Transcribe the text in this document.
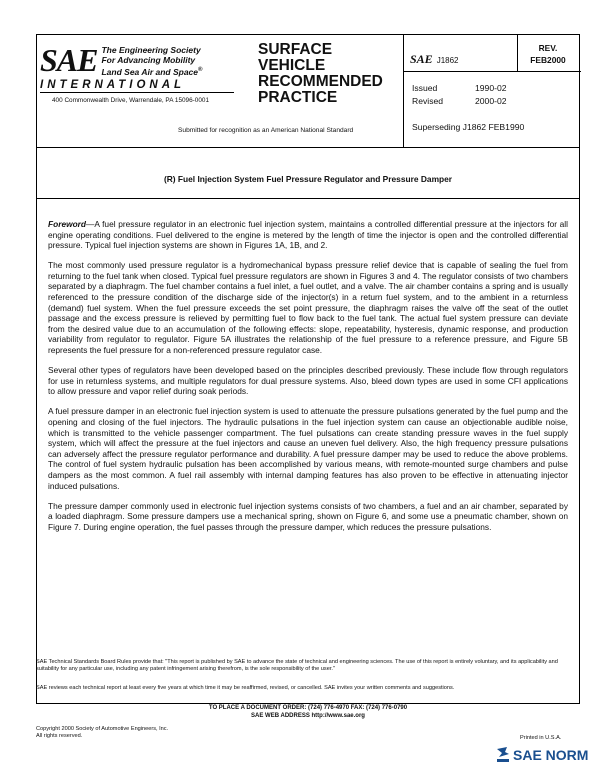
SAE The Engineering Society
For Advancing Mobility
Land Sea Air and Space®
INTERNATIONAL
400 Commonwealth Drive, Warrendale, PA 15096-0001
SURFACE
VEHICLE
RECOMMENDED
PRACTICE
Submitted for recognition as an American National Standard
SAE J1862
REV.
FEB2000
Issued	1990-02
Revised	2000-02
Superseding J1862 FEB1990
(R) Fuel Injection System Fuel Pressure Regulator and Pressure Damper

Foreword—A fuel pressure regulator in an electronic fuel injection system, maintains a controlled differential pressure at the injectors for all engine operating conditions. Fuel delivered to the engine is metered by the length of time the injector is open and the controlled differential pressure. Typical fuel injection systems are shown in Figures 1A, 1B, and 2.

The most commonly used pressure regulator is a hydromechanical bypass pressure relief device that is capable of sealing the fuel from returning to the fuel tank when closed. Typical fuel pressure regulators are shown in Figures 3 and 4. The regulator consists of two chambers separated by a diaphragm. The fuel chamber contains a fuel inlet, a fuel outlet, and a valve. The air chamber contains a spring and is usually referenced to the pressure condition of the discharge side of the injector(s) in a return fuel system, and to the ambient in a returnless (demand) fuel system. When the fuel pressure exceeds the set point pressure, the diaphragm raises the valve off the seat of the outlet passage and the excess pressure is relieved by permitting fuel to flow back to the fuel tank. The actual fuel system pressure can deviate from the desired value due to an accumulation of the following effects: slope, repeatability, hysteresis, dynamic response, and production variability from regulator to regulator. Figure 5A illustrates the relationship of the fuel pressure to a reference pressure, and Figure 5B represents the fuel pressure for a non-referenced pressure regulator case.

Several other types of regulators have been developed based on the principles described previously. These include flow through regulators for use in returnless systems, and multiple regulators for dual pressure systems. Also, bleed down types are used in some CFI applications to allow pressure and vapor relief during soak periods.

A fuel pressure damper in an electronic fuel injection system is used to attenuate the pressure pulsations generated by the fuel pump and the opening and closing of the fuel injectors. The hydraulic pulsations in the fuel injection system can cause an objectionable audible noise, which is transmitted to the vehicle passenger compartment. The fuel pulsations can create standing pressure waves in the fuel supply system, which will affect the pressure at the fuel injectors and cause an uneven fuel delivery. Also, the high frequency pressure pulsations can adversely affect the pressure regulator performance and durability. A fuel pressure damper may be used to reduce the above problems. The control of fuel system hydraulic pulsation has been accomplished by various means, with remote-mounted surge chambers and pulse dampers as the most common. A fuel rail assembly with internal damping features has also proven to be effective in attenuating injector induced pulsations.

The pressure damper commonly used in electronic fuel injection systems consists of two chambers, a fuel and an air chamber, separated by a loaded diaphragm. Some pressure dampers use a mechanical spring, shown on Figure 6, and some use a pneumatic chamber, shown on Figure 7. During engine operation, the fuel passes through the pressure damper, which reduces the pressure pulsations.

SAE Technical Standards Board Rules provide that: "This report is published by SAE to advance the state of technical and engineering sciences. The use of this report is entirely voluntary, and its applicability and suitability for any particular use, including any patent infringement arising therefrom, is the sole responsibility of the user."
SAE reviews each technical report at least every five years at which time it may be reaffirmed, revised, or cancelled. SAE invites your written comments and suggestions.
TO PLACE A DOCUMENT ORDER: (724) 776-4970 FAX: (724) 776-0790
SAE WEB ADDRESS http://www.sae.org
Copyright 2000 Society of Automotive Engineers, Inc.
All rights reserved.	Printed in U.S.A.
SAE NORM
